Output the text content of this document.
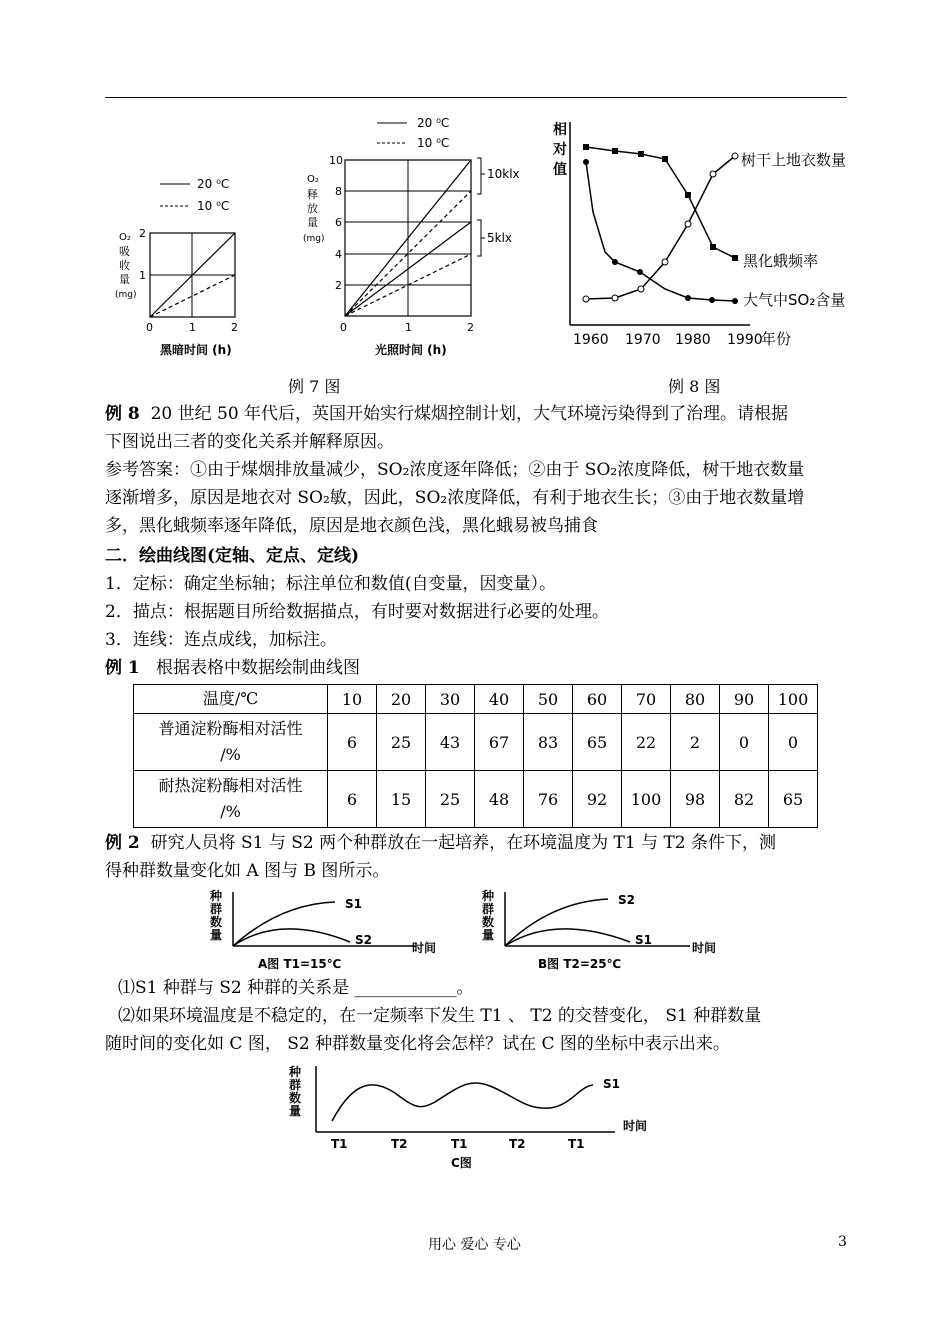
20 ⁰C
10 ⁰C
O₂
吸
收
量
(mg)
2
1
0	1	2
黑暗时间 (h)
20 ⁰C
10 ⁰C
O₂
释
放
量
(mg)
10
8
6
4
2
0	1	2
光照时间 (h)
10klx
5klx
相
对
值
树干上地衣数量
黑化蛾频率
大气中SO₂含量
1960 1970 1980 1990
年份
例 7 图	例 8 图
例 8 20 世纪 50 年代后，英国开始实行煤烟控制计划，大气环境污染得到了治理。请根据
下图说出三者的变化关系并解释原因。
参考答案：①由于煤烟排放量减少，SO₂浓度逐年降低；②由于 SO₂浓度降低，树干地衣数量
逐渐增多，原因是地衣对 SO₂敏，因此，SO₂浓度降低，有利于地衣生长；③由于地衣数量增
多，黑化蛾频率逐年降低，原因是地衣颜色浅，黑化蛾易被鸟捕食
二．绘曲线图(定轴、定点、定线)
1．定标：确定坐标轴；标注单位和数值(自变量，因变量）。
2．描点：根据题目所给数据描点，有时要对数据进行必要的处理。
3．连线：连点成线，加标注。
例 1 根据表格中数据绘制曲线图
温度/℃	10	20	30	40	50	60	70	80	90	100

普通淀粉酶相对活性
/%	6	25	43	67	83	65	22	2	0	0

耐热淀粉酶相对活性
/%	6	15	25	48	76	92	100	98	82	65
例 2 研究人员将 S1 与 S2 两个种群放在一起培养，在环境温度为 T1 与 T2 条件下，测
得种群数量变化如 A 图与 B 图所示。
种
群
数
量
S1
S2
时间
A图 T1=15℃
种
群
数
量
S2
S1
时间
B图 T2=25℃
⑴S1 种群与 S2 种群的关系是 ____________。
⑵如果环境温度是不稳定的，在一定频率下发生 T1 、 T2 的交替变化， S1 种群数量
随时间的变化如 C 图， S2 种群数量变化将会怎样？试在 C 图的坐标中表示出来。
种
群
数
量
S1
时间
T1	T2	T1	T2	T1
C图
用心 爱心 专心	3
